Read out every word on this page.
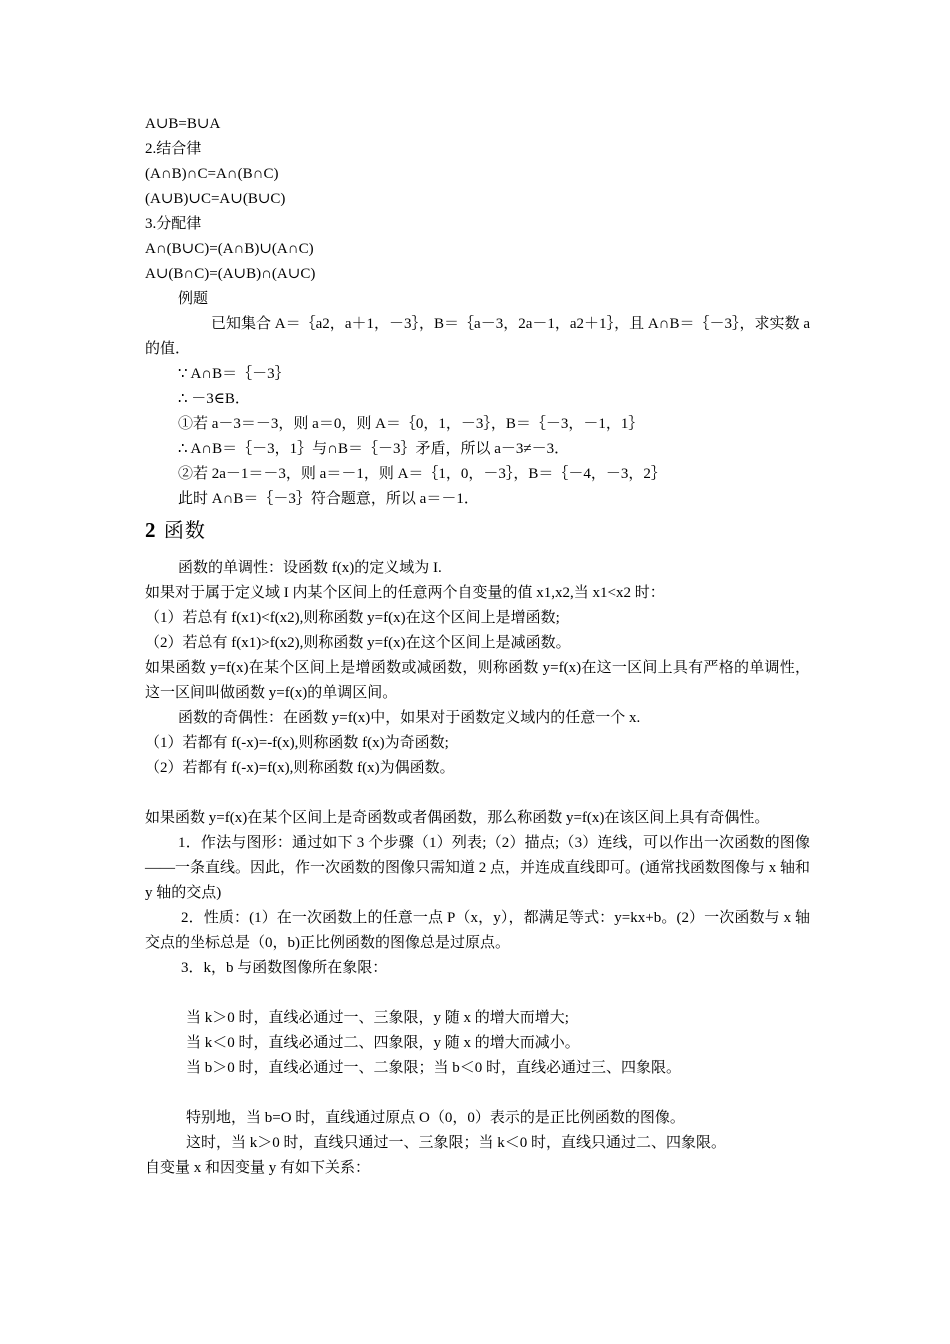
A∪B=B∪A

2.结合律

(A∩B)∩C=A∩(B∩C)

(A∪B)∪C=A∪(B∪C)

3.分配律

A∩(B∪C)=(A∩B)∪(A∩C)

A∪(B∩C)=(A∪B)∩(A∪C)

例题

已知集合 A＝｛a2，a＋1，－3｝，B＝｛a－3，2a－1，a2＋1｝，且 A∩B＝｛－3｝，求实数 a 的值．

∵ A∩B＝｛－3｝

∴ －3∈B．

①若 a－3＝－3，则 a＝0，则 A＝｛0，1，－3｝，B＝｛－3，－1，1｝

∴ A∩B＝｛－3，1｝与∩B＝｛－3｝矛盾，所以 a－3≠－3．

②若 2a－1＝－3，则 a＝－1，则 A＝｛1，0，－3｝，B＝｛－4，－3，2｝

此时 A∩B＝｛－3｝符合题意，所以 a＝－1．

2 函数

函数的单调性：设函数 f(x)的定义域为 I.

如果对于属于定义域 I 内某个区间上的任意两个自变量的值 x1,x2,当 x1<x2 时：

（1）若总有 f(x1)<f(x2),则称函数 y=f(x)在这个区间上是增函数;

（2）若总有 f(x1)>f(x2),则称函数 y=f(x)在这个区间上是减函数。

如果函数 y=f(x)在某个区间上是增函数或减函数，则称函数 y=f(x)在这一区间上具有严格的单调性，这一区间叫做函数 y=f(x)的单调区间。

函数的奇偶性：在函数 y=f(x)中，如果对于函数定义域内的任意一个 x.

（1）若都有 f(-x)=-f(x),则称函数 f(x)为奇函数;

（2）若都有 f(-x)=f(x),则称函数 f(x)为偶函数。

如果函数 y=f(x)在某个区间上是奇函数或者偶函数，那么称函数 y=f(x)在该区间上具有奇偶性。

1．作法与图形：通过如下 3 个步骤（1）列表;（2）描点;（3）连线，可以作出一次函数的图像——一条直线。因此，作一次函数的图像只需知道 2 点，并连成直线即可。(通常找函数图像与 x 轴和 y 轴的交点)

2．性质：(1）在一次函数上的任意一点 P（x，y），都满足等式：y=kx+b。(2）一次函数与 x 轴交点的坐标总是（0，b)正比例函数的图像总是过原点。

3．k，b 与函数图像所在象限：

当 k＞0 时，直线必通过一、三象限，y 随 x 的增大而增大;

当 k＜0 时，直线必通过二、四象限，y 随 x 的增大而减小。

当 b＞0 时，直线必通过一、二象限；当 b＜0 时，直线必通过三、四象限。

特别地，当 b=O 时，直线通过原点 O（0，0）表示的是正比例函数的图像。

这时，当 k＞0 时，直线只通过一、三象限；当 k＜0 时，直线只通过二、四象限。

自变量 x 和因变量 y 有如下关系：
